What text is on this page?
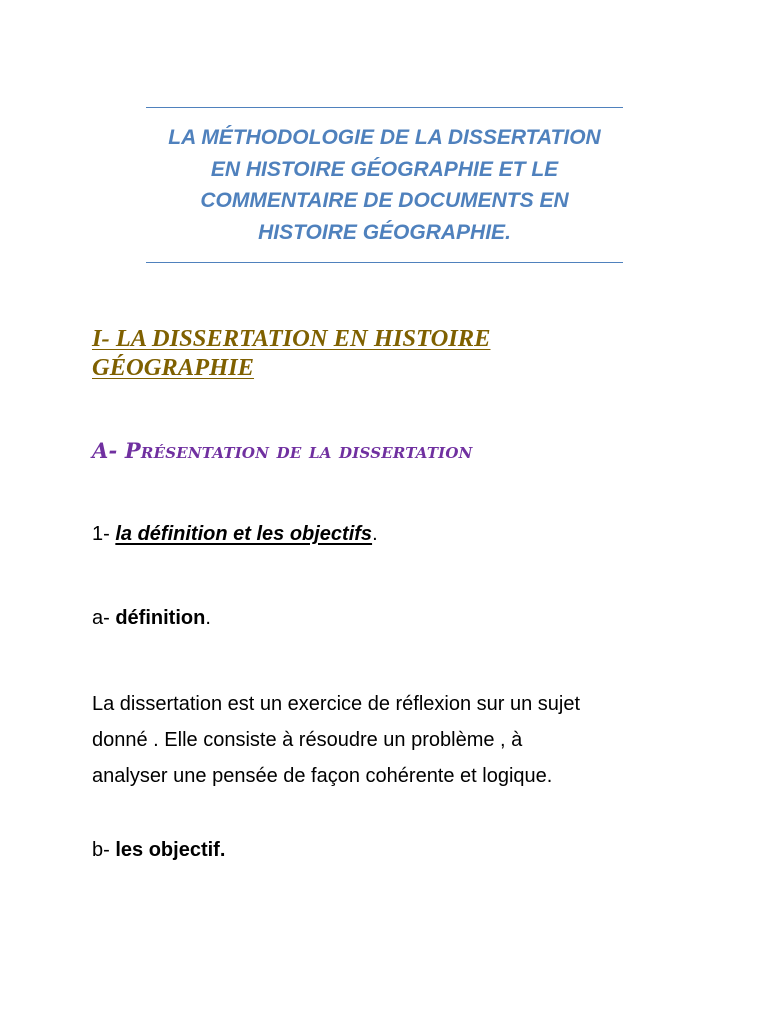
LA MÉTHODOLOGIE DE LA DISSERTATION
EN HISTOIRE GÉOGRAPHIE ET LE
COMMENTAIRE DE DOCUMENTS EN
HISTOIRE GÉOGRAPHIE.
I- LA DISSERTATION EN HISTOIRE
GÉOGRAPHIE
A- Présentation de la dissertation
1- la définition et les objectifs.
a- définition.
La dissertation est un exercice de réflexion sur un sujet
donné . Elle consiste à résoudre un problème , à
analyser une pensée de façon cohérente et logique.
b- les objectif.
